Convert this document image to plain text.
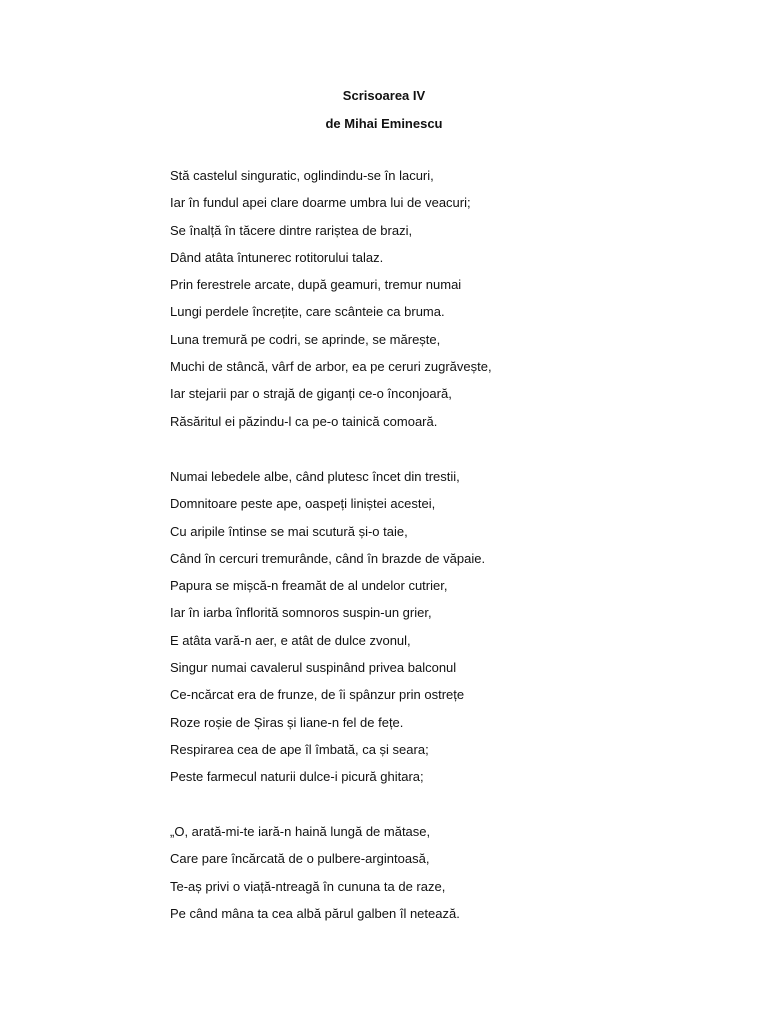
Scrisoarea IV
de Mihai Eminescu
Stă castelul singuratic, oglindindu-se în lacuri,
Iar în fundul apei clare doarme umbra lui de veacuri;
Se înalță în tăcere dintre rariștea de brazi,
Dând atâta întunerec rotitorului talaz.
Prin ferestrele arcate, după geamuri, tremur numai
Lungi perdele încrețite, care scânteie ca bruma.
Luna tremură pe codri, se aprinde, se mărește,
Muchi de stâncă, vârf de arbor, ea pe ceruri zugrăvește,
Iar stejarii par o strajă de giganți ce-o înconjoară,
Răsăritul ei păzindu-l ca pe-o tainică comoară.
Numai lebedele albe, când plutesc încet din trestii,
Domnitoare peste ape, oaspeți liniștei acestei,
Cu aripile întinse se mai scutură și-o taie,
Când în cercuri tremurânde, când în brazde de văpaie.
Papura se mișcă-n freamăt de al undelor cutrier,
Iar în iarba înflorită somnoros suspin-un grier,
E atâta vară-n aer, e atât de dulce zvonul,
Singur numai cavalerul suspinând privea balconul
Ce-ncărcat era de frunze, de îi spânzur prin ostrețe
Roze roșie de Șiras și liane-n fel de fețe.
Respirarea cea de ape îl îmbată, ca și seara;
Peste farmecul naturii dulce-i picură ghitara;
„O, arată-mi-te iară-n haină lungă de mătase,
Care pare încărcată de o pulbere-argintoasă,
Te-aș privi o viață-ntreagă în cununa ta de raze,
Pe când mâna ta cea albă părul galben îl netează.
